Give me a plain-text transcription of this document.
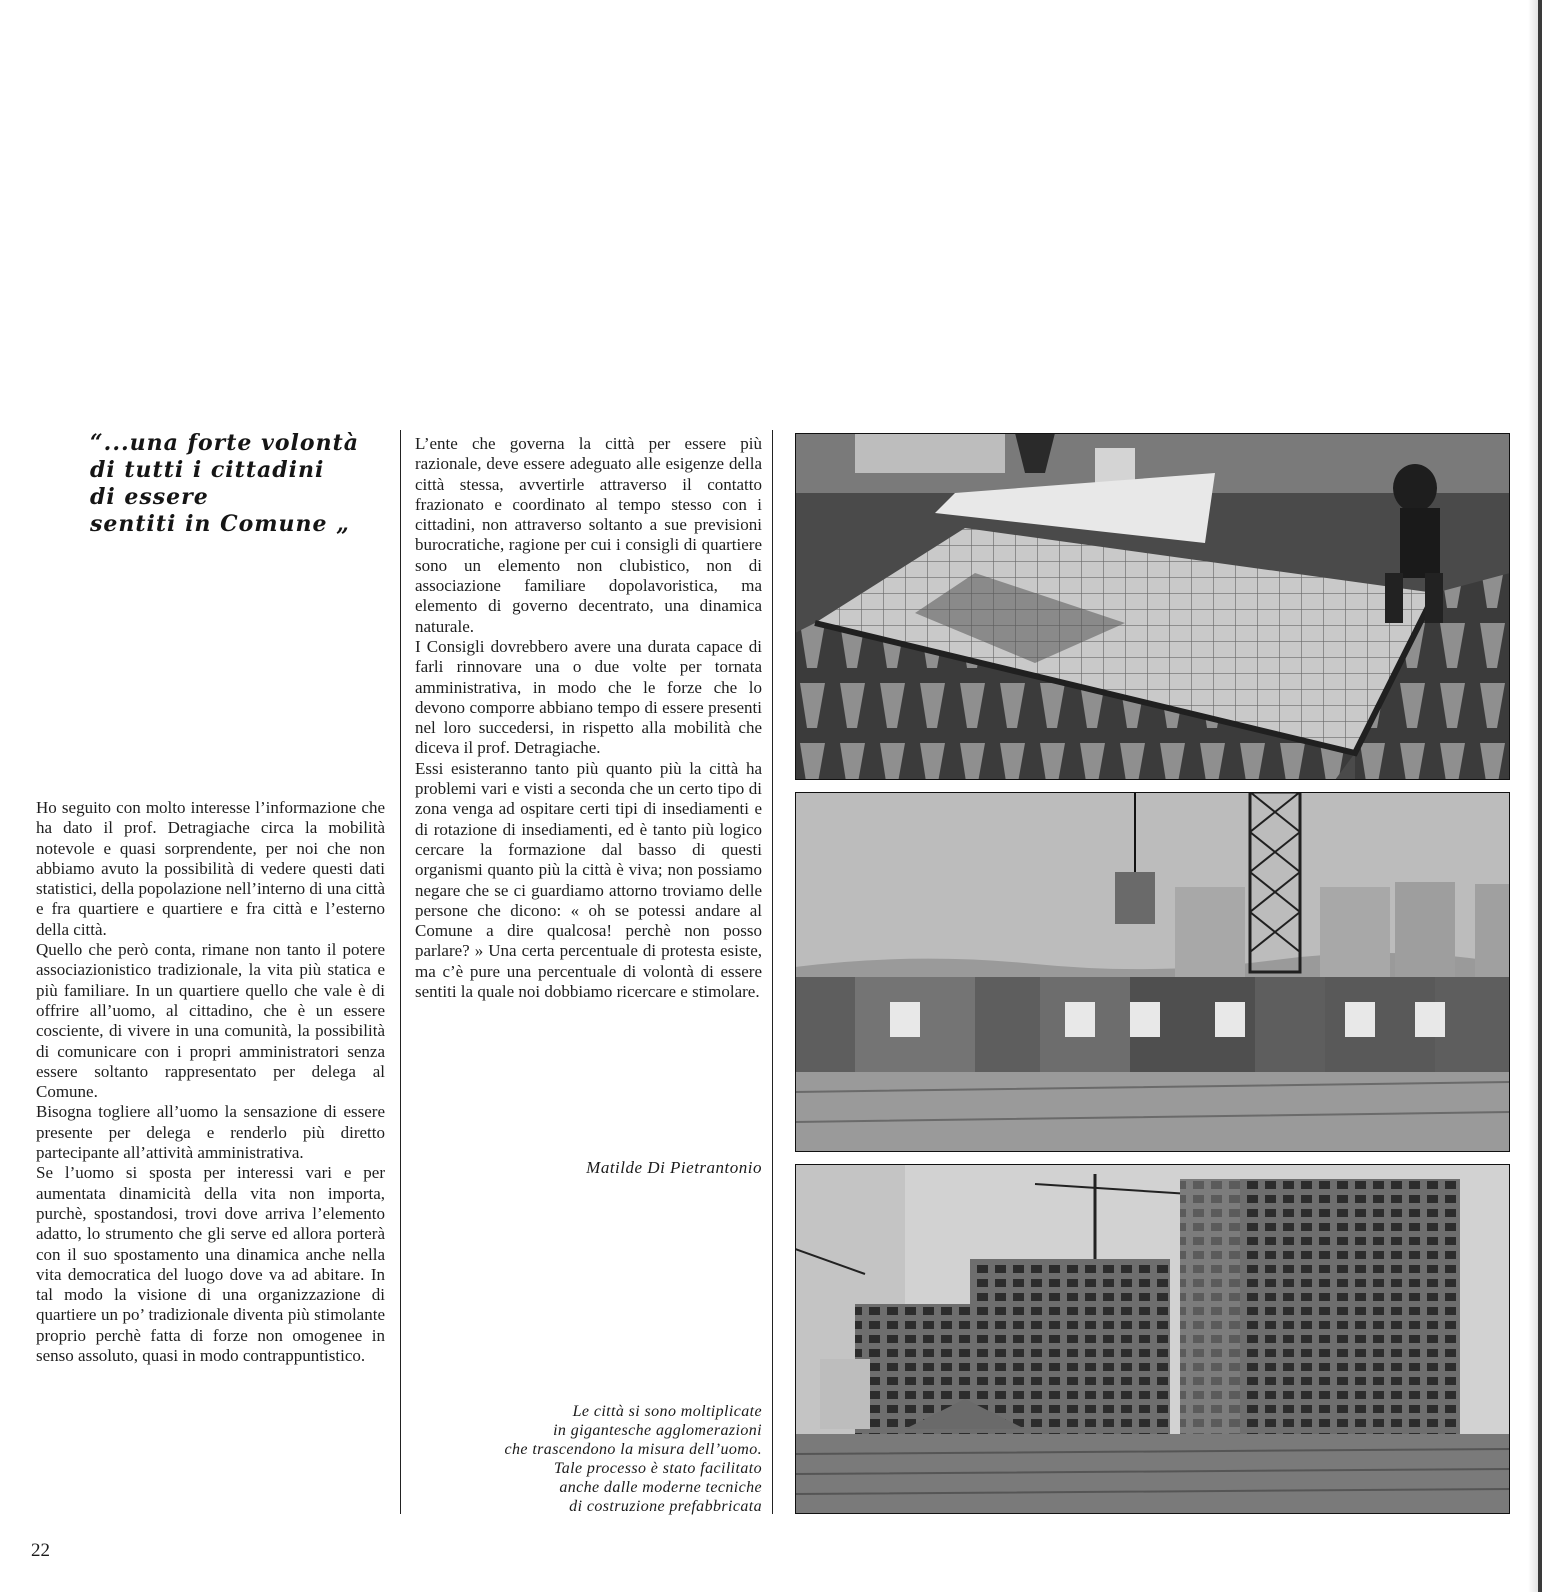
“...una forte volontà
di tutti i cittadini
di essere
sentiti in Comune „

Ho seguito con molto interesse l’informazione che ha dato il prof. Detragiache circa la mobilità notevole e quasi sorprendente, per noi che non abbiamo avuto la possibilità di vedere questi dati statistici, della popolazione nell’interno di una città e fra quartiere e quartiere e fra città e l’esterno della città.

Quello che però conta, rimane non tanto il potere associazionistico tradizionale, la vita più statica e più familiare. In un quartiere quello che vale è di offrire all’uomo, al cittadino, che è un essere cosciente, di vivere in una comunità, la possibilità di comunicare con i propri amministratori senza essere soltanto rappresentato per delega al Comune.

Bisogna togliere all’uomo la sensazione di essere presente per delega e renderlo più diretto partecipante all’attività amministrativa.

Se l’uomo si sposta per interessi vari e per aumentata dinamicità della vita non importa, purchè, spostandosi, trovi dove arriva l’elemento adatto, lo strumento che gli serve ed allora porterà con il suo spostamento una dinamica anche nella vita democratica del luogo dove va ad abitare. In tal modo la visione di una organizzazione di quartiere un po’ tradizionale diventa più stimolante proprio perchè fatta di forze non omogenee in senso assoluto, quasi in modo contrappuntistico.

L’ente che governa la città per essere più razionale, deve essere adeguato alle esigenze della città stessa, avvertirle attraverso il contatto frazionato e coordinato al tempo stesso con i cittadini, non attraverso soltanto a sue previsioni burocratiche, ragione per cui i consigli di quartiere sono un elemento non clubistico, non di associazione familiare dopolavoristica, ma elemento di governo decentrato, una dinamica naturale.

I Consigli dovrebbero avere una durata capace di farli rinnovare una o due volte per tornata amministrativa, in modo che le forze che lo devono comporre abbiano tempo di essere presenti nel loro succedersi, in rispetto alla mobilità che diceva il prof. Detragiache.

Essi esisteranno tanto più quanto più la città ha problemi vari e visti a seconda che un certo tipo di zona venga ad ospitare certi tipi di insediamenti e di rotazione di insediamenti, ed è tanto più logico cercare la formazione dal basso di questi organismi quanto più la città è viva; non possiamo negare che se ci guardiamo attorno troviamo delle persone che dicono: « oh se potessi andare al Comune a dire qualcosa! perchè non posso parlare? » Una certa percentuale di protesta esiste, ma c’è pure una percentuale di volontà di essere sentiti la quale noi dobbiamo ricercare e stimolare.

Matilde Di Pietrantonio
Le città si sono moltiplicate
in gigantesche agglomerazioni
che trascendono la misura dell’uomo.
Tale processo è stato facilitato
anche dalle moderne tecniche
di costruzione prefabbricata
22
